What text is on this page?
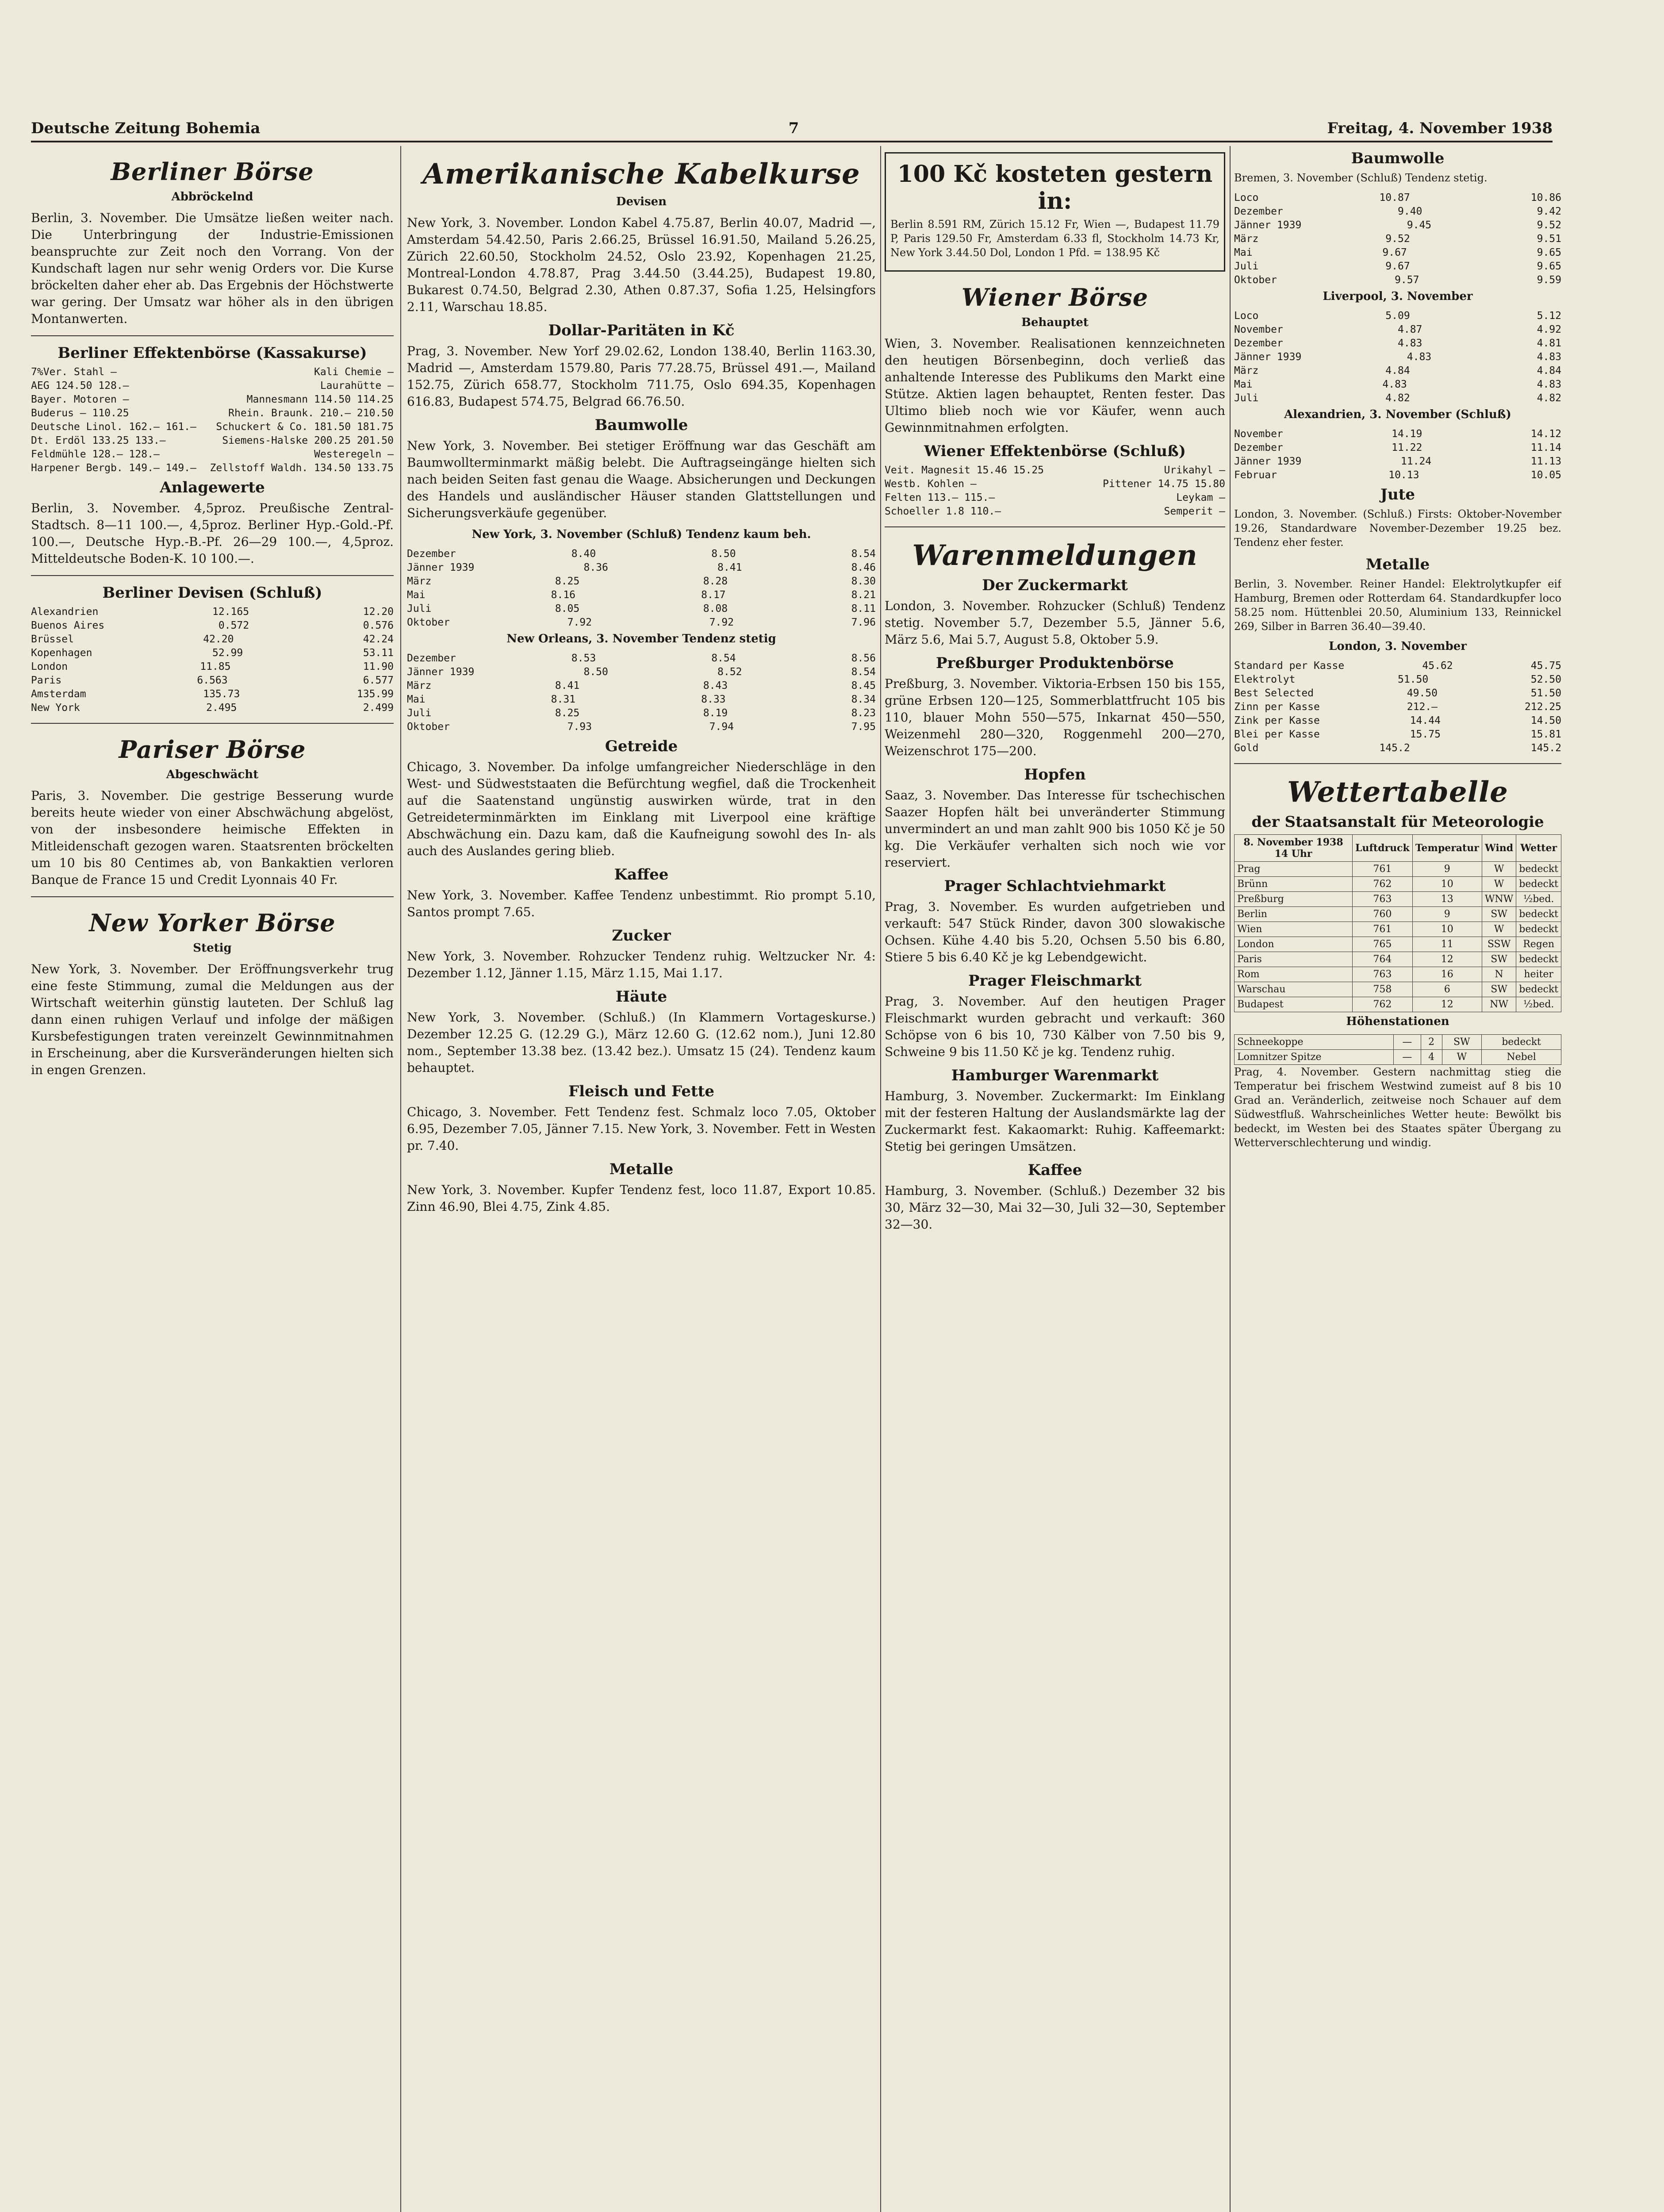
Deutsche Zeitung Bohemia	7	Freitag, 4. November 1938
Berliner Börse
Abbröckelnd

Berlin, 3. November. Die Umsätze ließen weiter nach. Die Unterbringung der Industrie-Emissionen beanspruchte zur Zeit noch den Vorrang. Von der Kundschaft lagen nur sehr wenig Orders vor. Die Kurse bröckelten daher eher ab. Das Ergebnis der Höchstwerte war gering. Der Umsatz war höher als in den übrigen Montanwerten.

Berliner Effektenbörse (Kassakurse)
7%Ver. Stahl —	Kali Chemie —
AEG 124.50 128.—	Laurahütte —
Bayer. Motoren —	Mannesmann 114.50 114.25
Buderus — 110.25	Rhein. Braunk. 210.— 210.50
Deutsche Linol. 162.— 161.— Schuckert & Co. 181.50 181.75
Dt. Erdöl 133.25 133.—	Siemens-Halske 200.25 201.50
Feldmühle 128.— 128.—	Westeregeln —
Harpener Bergb. 149.— 149.— Zellstoff Waldh. 134.50 133.75
Anlagewerte

Berlin, 3. November. 4,5proz. Preußische Zentral-Stadtsch. 8—11 100.—, 4,5proz. Berliner Hyp.-Gold.-Pf. 100.—, Deutsche Hyp.-B.-Pf. 26—29 100.—, 4,5proz. Mitteldeutsche Boden-K. 10 100.—.

Berliner Devisen (Schluß)
Alexandrien	12.165	12.20
Buenos Aires	0.572	0.576
Brüssel	42.20	42.24
Kopenhagen	52.99	53.11
London	11.85	11.90
Paris	6.563	6.577
Amsterdam	135.73	135.99
New York	2.495	2.499
Pariser Börse
Abgeschwächt

Paris, 3. November. Die gestrige Besserung wurde bereits heute wieder von einer Abschwächung abgelöst, von der insbesondere heimische Effekten in Mitleidenschaft gezogen waren. Staatsrenten bröckelten um 10 bis 80 Centimes ab, von Bankaktien verloren Banque de France 15 und Credit Lyonnais 40 Fr.

New Yorker Börse
Stetig

New York, 3. November. Der Eröffnungsverkehr trug eine feste Stimmung, zumal die Meldungen aus der Wirtschaft weiterhin günstig lauteten. Der Schluß lag dann einen ruhigen Verlauf und infolge der mäßigen Kursbefestigungen traten vereinzelt Gewinnmitnahmen in Erscheinung, aber die Kursveränderungen hielten sich in engen Grenzen.

Amerikanische Kabelkurse
Devisen

New York, 3. November. London Kabel 4.75.87, Berlin 40.07, Madrid —, Amsterdam 54.42.50, Paris 2.66.25, Brüssel 16.91.50, Mailand 5.26.25, Zürich 22.60.50, Stockholm 24.52, Oslo 23.92, Kopenhagen 21.25, Montreal-London 4.78.87, Prag 3.44.50 (3.44.25), Budapest 19.80, Bukarest 0.74.50, Belgrad 2.30, Athen 0.87.37, Sofia 1.25, Helsingfors 2.11, Warschau 18.85.

Dollar-Paritäten in Kč

Prag, 3. November. New Yorf 29.02.62, London 138.40, Berlin 1163.30, Madrid —, Amsterdam 1579.80, Paris 77.28.75, Brüssel 491.—, Mailand 152.75, Zürich 658.77, Stockholm 711.75, Oslo 694.35, Kopenhagen 616.83, Budapest 574.75, Belgrad 66.76.50.

Baumwolle

New York, 3. November. Bei stetiger Eröffnung war das Geschäft am Baumwollterminmarkt mäßig belebt. Die Auftragseingänge hielten sich nach beiden Seiten fast genau die Waage. Absicherungen und Deckungen des Handels und ausländischer Häuser standen Glattstellungen und Sicherungsverkäufe gegenüber.

New York, 3. November (Schluß) Tendenz kaum beh.
Dezember	8.40	8.50	8.54
Jänner 1939	8.36	8.41	8.46
März	8.25	8.28	8.30
Mai	8.16	8.17	8.21
Juli	8.05	8.08	8.11
Oktober	7.92	7.92	7.96
New Orleans, 3. November Tendenz stetig
Dezember	8.53	8.54	8.56
Jänner 1939	8.50	8.52	8.54
März	8.41	8.43	8.45
Mai	8.31	8.33	8.34
Juli	8.25	8.19	8.23
Oktober	7.93	7.94	7.95
Getreide

Chicago, 3. November. Da infolge umfangreicher Niederschläge in den West- und Südweststaaten die Befürchtung wegfiel, daß die Trockenheit auf die Saatenstand ungünstig auswirken würde, trat in den Getreideterminmärkten im Einklang mit Liverpool eine kräftige Abschwächung ein. Dazu kam, daß die Kaufneigung sowohl des In- als auch des Auslandes gering blieb.

Kaffee

New York, 3. November. Kaffee Tendenz unbestimmt. Rio prompt 5.10, Santos prompt 7.65.

Zucker

New York, 3. November. Rohzucker Tendenz ruhig. Weltzucker Nr. 4: Dezember 1.12, Jänner 1.15, März 1.15, Mai 1.17.

Häute

New York, 3. November. (Schluß.) (In Klammern Vortageskurse.) Dezember 12.25 G. (12.29 G.), März 12.60 G. (12.62 nom.), Juni 12.80 nom., September 13.38 bez. (13.42 bez.). Umsatz 15 (24). Tendenz kaum behauptet.

Fleisch und Fette

Chicago, 3. November. Fett Tendenz fest. Schmalz loco 7.05, Oktober 6.95, Dezember 7.05, Jänner 7.15. New York, 3. November. Fett in Westen pr. 7.40.

Metalle

New York, 3. November. Kupfer Tendenz fest, loco 11.87, Export 10.85. Zinn 46.90, Blei 4.75, Zink 4.85.

100 Kč kosteten gestern in:

Berlin 8.591 RM, Zürich 15.12 Fr, Wien —, Budapest 11.79 P, Paris 129.50 Fr, Amsterdam 6.33 fl, Stockholm 14.73 Kr, New York 3.44.50 Dol, London 1 Pfd. = 138.95 Kč

Wiener Börse
Behauptet

Wien, 3. November. Realisationen kennzeichneten den heutigen Börsenbeginn, doch verließ das anhaltende Interesse des Publikums den Markt eine Stütze. Aktien lagen behauptet, Renten fester. Das Ultimo blieb noch wie vor Käufer, wenn auch Gewinnmitnahmen erfolgten.

Wiener Effektenbörse (Schluß)
Veit. Magnesit 15.46 15.25	Urikahyl —
Westb. Kohlen —	Pittener 14.75 15.80
Felten 113.— 115.—	Leykam —
Schoeller 1.8 110.—	Semperit —
Warenmeldungen
Der Zuckermarkt

London, 3. November. Rohzucker (Schluß) Tendenz stetig. November 5.7, Dezember 5.5, Jänner 5.6, März 5.6, Mai 5.7, August 5.8, Oktober 5.9.

Preßburger Produktenbörse

Preßburg, 3. November. Viktoria-Erbsen 150 bis 155, grüne Erbsen 120—125, Sommerblattfrucht 105 bis 110, blauer Mohn 550—575, Inkarnat 450—550, Weizenmehl 280—320, Roggenmehl 200—270, Weizenschrot 175—200.

Hopfen

Saaz, 3. November. Das Interesse für tschechischen Saazer Hopfen hält bei unveränderter Stimmung unvermindert an und man zahlt 900 bis 1050 Kč je 50 kg. Die Verkäufer verhalten sich noch wie vor reserviert.

Prager Schlachtviehmarkt

Prag, 3. November. Es wurden aufgetrieben und verkauft: 547 Stück Rinder, davon 300 slowakische Ochsen. Kühe 4.40 bis 5.20, Ochsen 5.50 bis 6.80, Stiere 5 bis 6.40 Kč je kg Lebendgewicht.

Prager Fleischmarkt

Prag, 3. November. Auf den heutigen Prager Fleischmarkt wurden gebracht und verkauft: 360 Schöpse von 6 bis 10, 730 Kälber von 7.50 bis 9, Schweine 9 bis 11.50 Kč je kg. Tendenz ruhig.

Hamburger Warenmarkt

Hamburg, 3. November. Zuckermarkt: Im Einklang mit der festeren Haltung der Auslandsmärkte lag der Zuckermarkt fest. Kakaomarkt: Ruhig. Kaffeemarkt: Stetig bei geringen Umsätzen.

Kaffee

Hamburg, 3. November. (Schluß.) Dezember 32 bis 30, März 32—30, Mai 32—30, Juli 32—30, September 32—30.

Baumwolle

Bremen, 3. November (Schluß) Tendenz stetig.

Loco	10.87	10.86
Dezember	9.40	9.42
Jänner 1939	9.45	9.52
März	9.52	9.51
Mai	9.67	9.65
Juli	9.67	9.65
Oktober	9.57	9.59
Liverpool, 3. November
Loco	5.09	5.12
November	4.87	4.92
Dezember	4.83	4.81
Jänner 1939	4.83	4.83
März	4.84	4.84
Mai	4.83	4.83
Juli	4.82	4.82
Alexandrien, 3. November (Schluß)
November	14.19	14.12
Dezember	11.22	11.14
Jänner 1939	11.24	11.13
Februar	10.13	10.05
Jute

London, 3. November. (Schluß.) Firsts: Oktober-November 19.26, Standardware November-Dezember 19.25 bez. Tendenz eher fester.

Metalle

Berlin, 3. November. Reiner Handel: Elektrolytkupfer eif Hamburg, Bremen oder Rotterdam 64. Standardkupfer loco 58.25 nom. Hüttenblei 20.50, Aluminium 133, Reinnickel 269, Silber in Barren 36.40—39.40.

London, 3. November
Standard per Kasse	45.62	45.75
Elektrolyt	51.50	52.50
Best Selected	49.50	51.50
Zinn per Kasse	212.—	212.25
Zink per Kasse	14.44	14.50
Blei per Kasse	15.75	15.81
Gold	145.2	145.2
Wettertabelle
der Staatsanstalt für Meteorologie
8. November 1938 14 Uhr	Luftdruck	Temperatur	Wind	Wetter
Prag	761	9	W	bedeckt
Brünn	762	10	W	bedeckt
Preßburg	763	13	WNW	½bed.
Berlin	760	9	SW	bedeckt
Wien	761	10	W	bedeckt
London	765	11	SSW	Regen
Paris	764	12	SW	bedeckt
Rom	763	16	N	heiter
Warschau	758	6	SW	bedeckt
Budapest	762	12	NW	½bed.
Höhenstationen
Schneekoppe	—	2	SW	bedeckt
Lomnitzer Spitze	—	4	W	Nebel

Prag, 4. November. Gestern nachmittag stieg die Temperatur bei frischem Westwind zumeist auf 8 bis 10 Grad an. Veränderlich, zeitweise noch Schauer auf dem Südwestfluß. Wahrscheinliches Wetter heute: Bewölkt bis bedeckt, im Westen bei des Staates später Übergang zu Wetterverschlechterung und windig.
